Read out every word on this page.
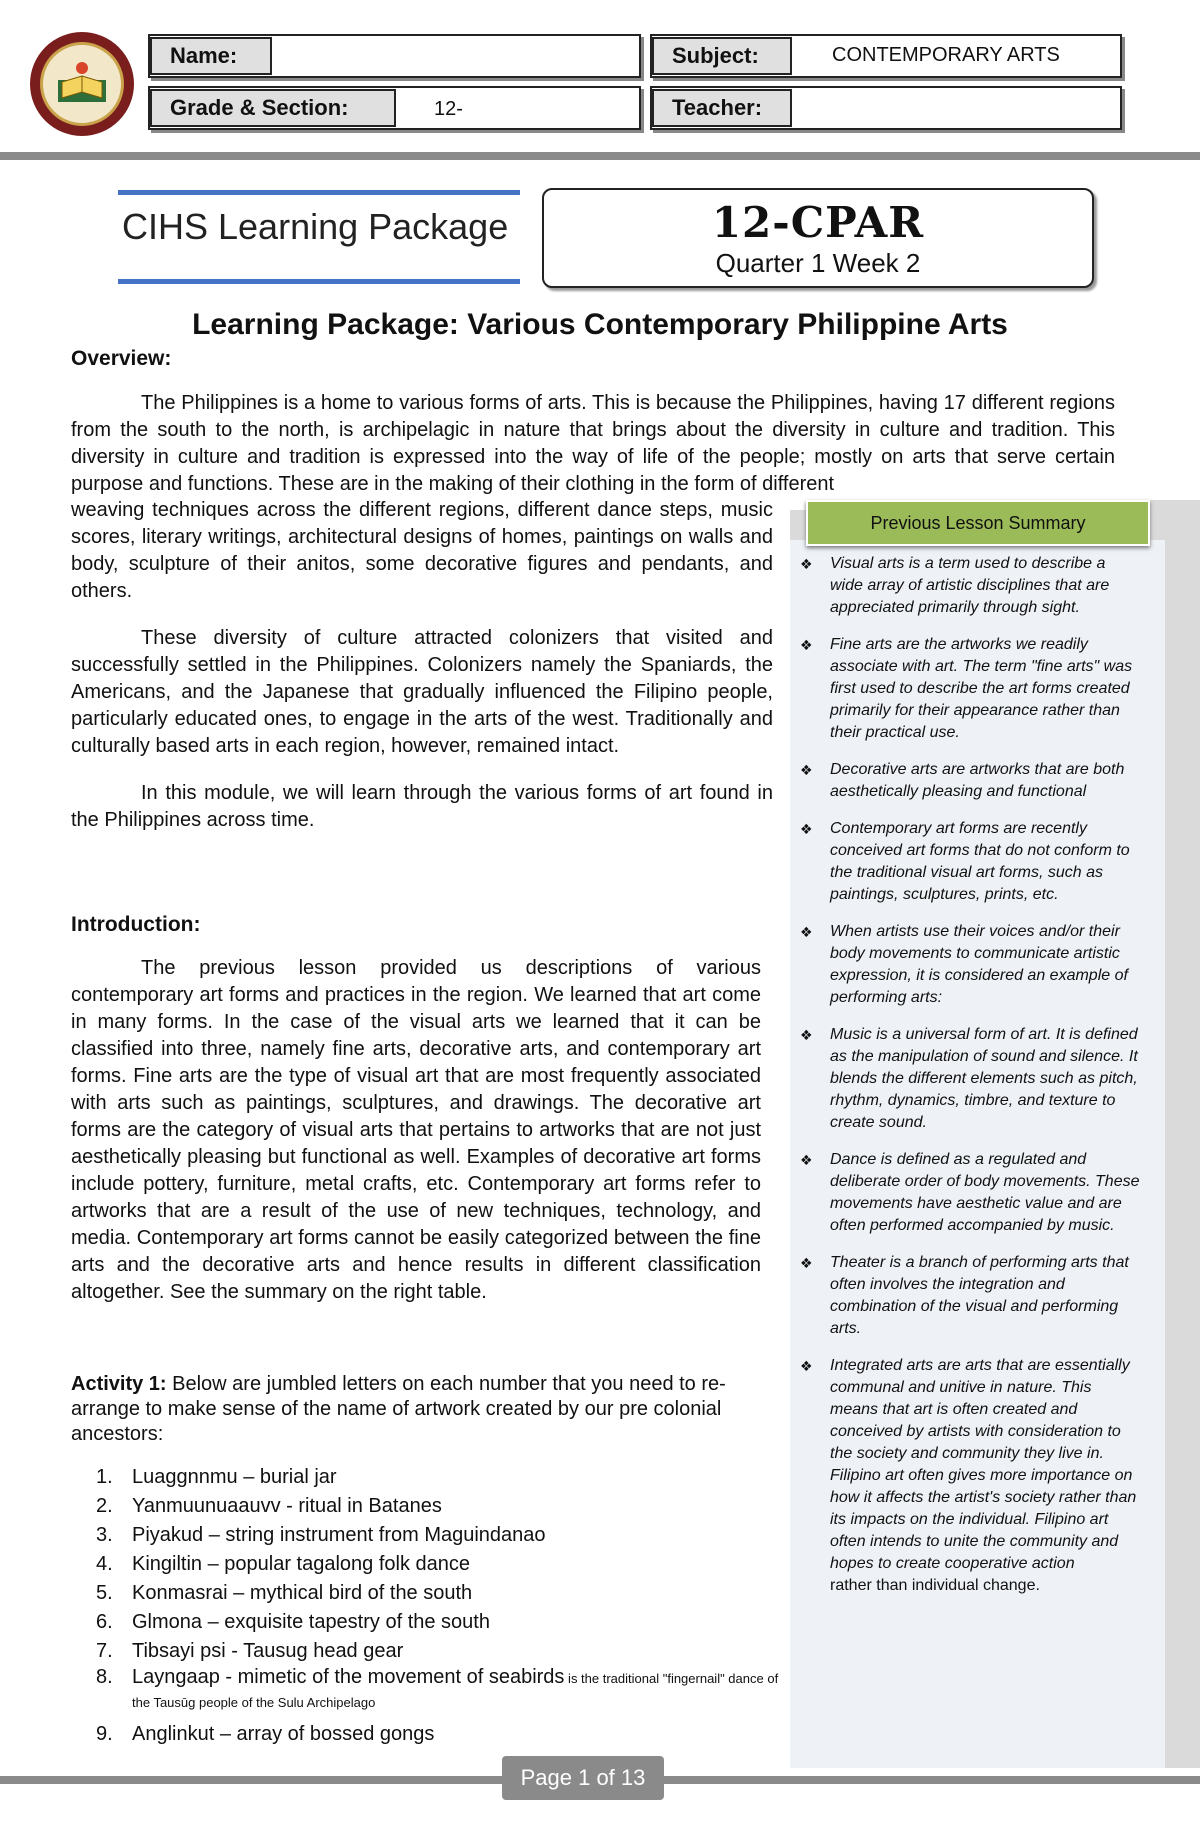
Name:
Grade & Section:	12-
Subject:	CONTEMPORARY ARTS
Teacher:
CIHS Learning Package	12-CPAR
Quarter 1 Week 2
Learning Package: Various Contemporary Philippine Arts
Overview:

The Philippines is a home to various forms of arts. This is because the Philippines, having 17 different regions from the south to the north, is archipelagic in nature that brings about the diversity in culture and tradition. This diversity in culture and tradition is expressed into the way of life of the people; mostly on arts that serve certain purpose and functions. These are in the making of their clothing in the form of different

weaving techniques across the different regions, different dance steps, music scores, literary writings, architectural designs of homes, paintings on walls and body, sculpture of their anitos, some decorative figures and pendants, and others.

These diversity of culture attracted colonizers that visited and successfully settled in the Philippines. Colonizers namely the Spaniards, the Americans, and the Japanese that gradually influenced the Filipino people, particularly educated ones, to engage in the arts of the west. Traditionally and culturally based arts in each region, however, remained intact.

In this module, we will learn through the various forms of art found in the Philippines across time.

Introduction:

The previous lesson provided us descriptions of various contemporary art forms and practices in the region. We learned that art come in many forms. In the case of the visual arts we learned that it can be classified into three, namely fine arts, decorative arts, and contemporary art forms. Fine arts are the type of visual art that are most frequently associated with arts such as paintings, sculptures, and drawings. The decorative art forms are the category of visual arts that pertains to artworks that are not just aesthetically pleasing but functional as well. Examples of decorative art forms include pottery, furniture, metal crafts, etc. Contemporary art forms refer to artworks that are a result of the use of new techniques, technology, and media. Contemporary art forms cannot be easily categorized between the fine arts and the decorative arts and hence results in different classification altogether. See the summary on the right table.

Activity 1: Below are jumbled letters on each number that you need to re-arrange to make sense of the name of artwork created by our pre colonial ancestors:
1. Luaggnnmu – burial jar
2. Yanmuunuaauvv - ritual in Batanes
3. Piyakud – string instrument from Maguindanao
4. Kingiltin – popular tagalong folk dance
5. Konmasrai – mythical bird of the south
6. Glmona – exquisite tapestry of the south
7. Tibsayi psi - Tausug head gear
8. Layngaap - mimetic of the movement of seabirds is the traditional "fingernail" dance of the Tausūg people of the Sulu Archipelago
9. Anglinkut – array of bossed gongs
Previous Lesson Summary
❖ Visual arts is a term used to describe a wide array of artistic disciplines that are appreciated primarily through sight.
❖ Fine arts are the artworks we readily associate with art. The term "fine arts" was first used to describe the art forms created primarily for their appearance rather than their practical use.
❖ Decorative arts are artworks that are both aesthetically pleasing and functional
❖ Contemporary art forms are recently conceived art forms that do not conform to the traditional visual art forms, such as paintings, sculptures, prints, etc.
❖ When artists use their voices and/or their body movements to communicate artistic expression, it is considered an example of performing arts:
❖ Music is a universal form of art. It is defined as the manipulation of sound and silence. It blends the different elements such as pitch, rhythm, dynamics, timbre, and texture to create sound.
❖ Dance is defined as a regulated and deliberate order of body movements. These movements have aesthetic value and are often performed accompanied by music.
❖ Theater is a branch of performing arts that often involves the integration and combination of the visual and performing arts.
❖ Integrated arts are arts that are essentially communal and unitive in nature. This means that art is often created and conceived by artists with consideration to the society and community they live in. Filipino art often gives more importance on how it affects the artist's society rather than its impacts on the individual. Filipino art often intends to unite the community and hopes to create cooperative action
rather than individual change.
Page 1 of 13
